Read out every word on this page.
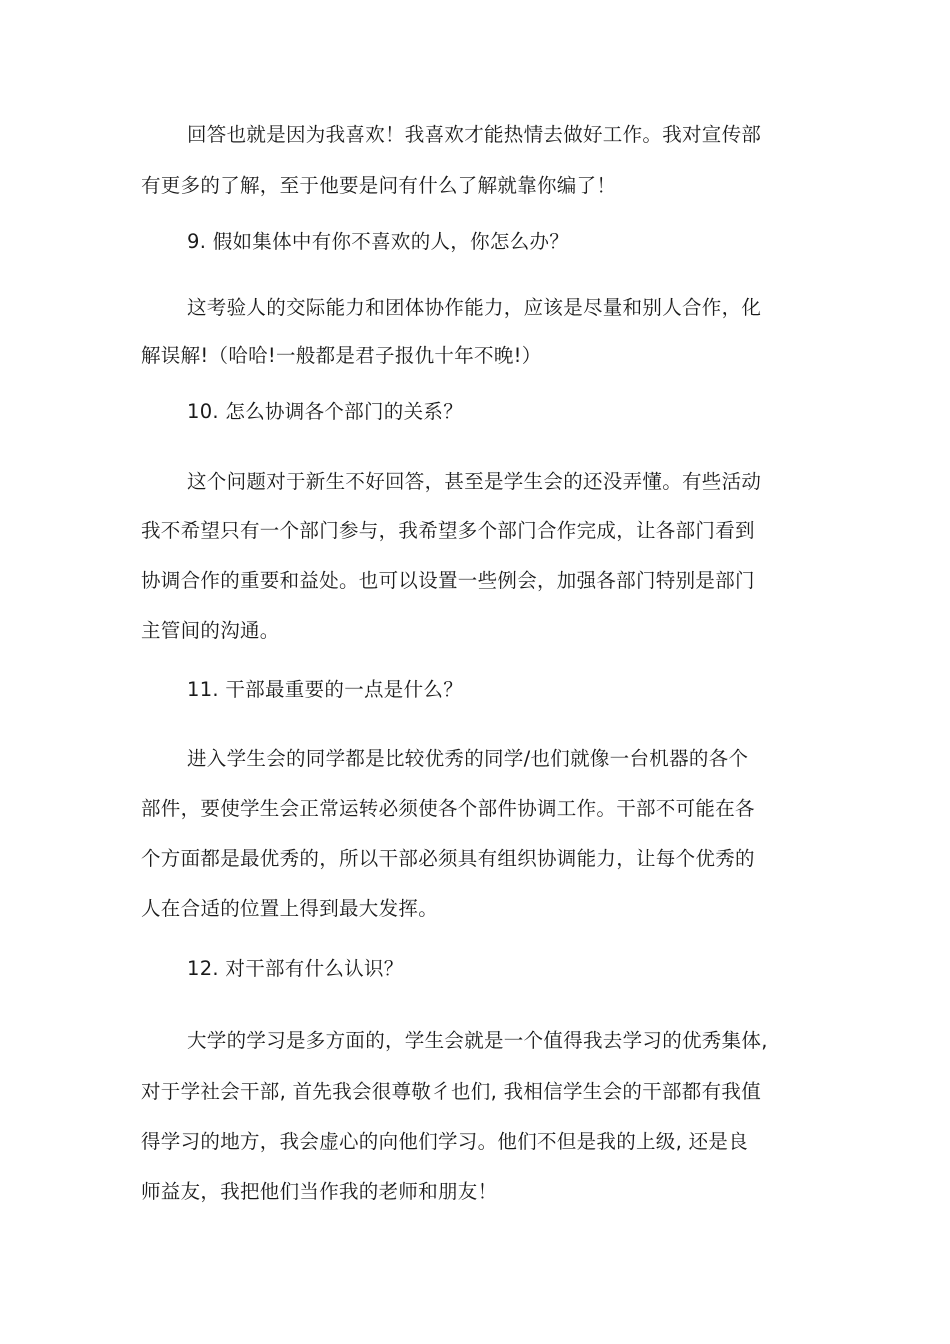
回答也就是因为我喜欢！我喜欢才能热情去做好工作。我对宣传部
有更多的了解，至于他要是问有什么了解就靠你编了！
9. 假如集体中有你不喜欢的人，你怎么办？
这考验人的交际能力和团体协作能力，应该是尽量和别人合作，化
解误解!（哈哈!一般都是君子报仇十年不晚!）
10. 怎么协调各个部门的关系？
这个问题对于新生不好回答，甚至是学生会的还没弄懂。有些活动
我不希望只有一个部门参与，我希望多个部门合作完成，让各部门看到
协调合作的重要和益处。也可以设置一些例会，加强各部门特别是部门
主管间的沟通。
11. 干部最重要的一点是什么？
进入学生会的同学都是比较优秀的同学/也们就像一台机器的各个
部件，要使学生会正常运转必须使各个部件协调工作。干部不可能在各
个方面都是最优秀的，所以干部必须具有组织协调能力，让每个优秀的
人在合适的位置上得到最大发挥。
12. 对干部有什么认识？
大学的学习是多方面的，学生会就是一个值得我去学习的优秀集体,
对于学社会干部, 首先我会很尊敬彳也们, 我相信学生会的干部都有我值
得学习的地方，我会虚心的向他们学习。他们不但是我的上级, 还是良
师益友，我把他们当作我的老师和朋友！
